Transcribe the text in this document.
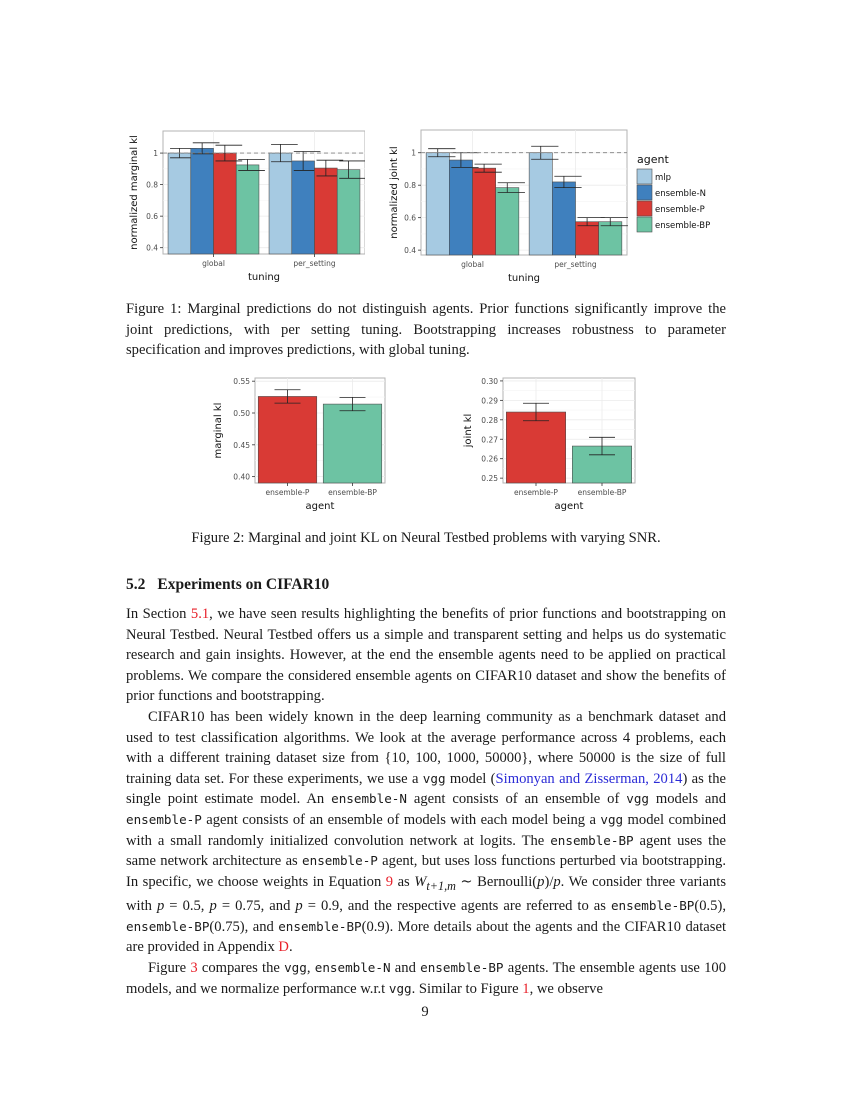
0.4
0.6
0.8
1
global	per_setting
tuning
normalized marginal kl
0.4
0.6
0.8
1
global	per_setting
tuning
normalized joint kl	agent
mlp
ensemble-N
ensemble-P
ensemble-BP
Figure 1: Marginal predictions do not distinguish agents. Prior functions significantly improve the joint predictions, with per setting tuning. Bootstrapping increases robustness to parameter specification and improves predictions, with global tuning.
0.40
0.45
0.50
0.55
ensemble-P ensemble-BP
agent
marginal kl
0.25
0.26
0.27
0.28
0.29
0.30
ensemble-P	ensemble-BP
agent
joint kl
Figure 2: Marginal and joint KL on Neural Testbed problems with varying SNR.
5.2 Experiments on CIFAR10

In Section 5.1, we have seen results highlighting the benefits of prior functions and bootstrapping on Neural Testbed. Neural Testbed offers us a simple and transparent setting and helps us do systematic research and gain insights. However, at the end the ensemble agents need to be applied on practical problems. We compare the considered ensemble agents on CIFAR10 dataset and show the benefits of prior functions and bootstrapping.

CIFAR10 has been widely known in the deep learning community as a benchmark dataset and used to test classification algorithms. We look at the average performance across 4 problems, each with a different training dataset size from {10, 100, 1000, 50000}, where 50000 is the size of full training data set. For these experiments, we use a vgg model (Simonyan and Zisserman, 2014) as the single point estimate model. An ensemble-N agent consists of an ensemble of vgg models and ensemble-P agent consists of an ensemble of models with each model being a vgg model combined with a small randomly initialized convolution network at logits. The ensemble-BP agent uses the same network architecture as ensemble-P agent, but uses loss functions perturbed via bootstrapping. In specific, we choose weights in Equation 9 as $W_{t+1,m}$ ∼ Bernoulli(p)/p. We consider three variants with p = 0.5, p = 0.75, and p = 0.9, and the respective agents are referred to as ensemble-BP(0.5), ensemble-BP(0.75), and ensemble-BP(0.9). More details about the agents and the CIFAR10 dataset are provided in Appendix D.

Figure 3 compares the vgg, ensemble-N and ensemble-BP agents. The ensemble agents use 100 models, and we normalize performance w.r.t vgg. Similar to Figure 1, we observe

9
